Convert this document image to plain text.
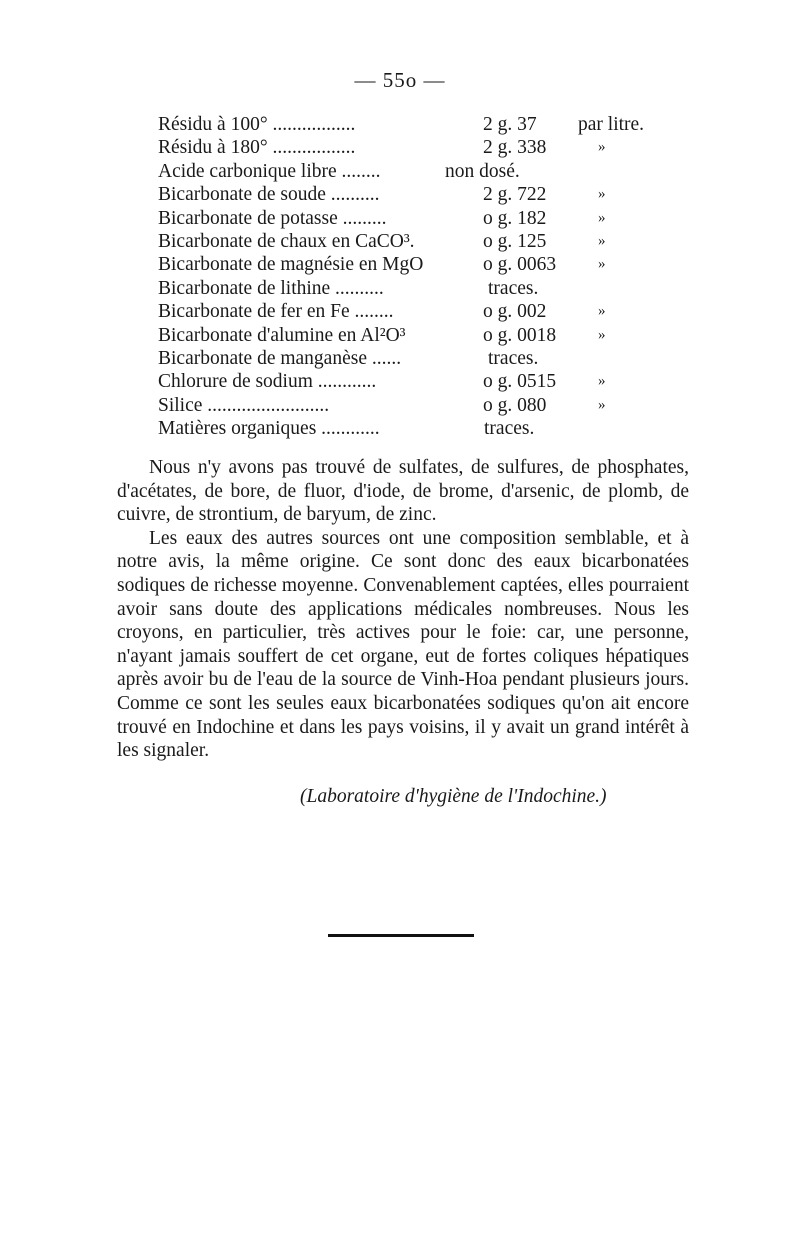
— 55o —
Résidu à 100° .................	2 g. 37 par litre.
Résidu à 180° .................	2 g. 338	»
Acide carbonique libre ........	non dosé.
Bicarbonate de soude ..........	2 g. 722	»
Bicarbonate de potasse .........	o g. 182	»
Bicarbonate de chaux en CaCO³.	o g. 125	»
Bicarbonate de magnésie en MgO	o g. 0063	»
Bicarbonate de lithine ..........	traces.
Bicarbonate de fer en Fe ........	o g. 002	»
Bicarbonate d'alumine en Al²O³	o g. 0018	»
Bicarbonate de manganèse ......	traces.
Chlorure de sodium ............	o g. 0515	»
Silice .........................	o g. 080	»
Matières organiques ............	traces.

Nous n'y avons pas trouvé de sulfates, de sulfures, de phosphates, d'acétates, de bore, de fluor, d'iode, de brome, d'arsenic, de plomb, de cuivre, de strontium, de baryum, de zinc.

Les eaux des autres sources ont une composition semblable, et à notre avis, la même origine. Ce sont donc des eaux bicarbonatées sodiques de richesse moyenne. Convenablement captées, elles pourraient avoir sans doute des applications médicales nombreuses. Nous les croyons, en particulier, très actives pour le foie: car, une personne, n'ayant jamais souffert de cet organe, eut de fortes coliques hépatiques après avoir bu de l'eau de la source de Vinh-Hoa pendant plusieurs jours. Comme ce sont les seules eaux bicarbonatées sodiques qu'on ait encore trouvé en Indochine et dans les pays voisins, il y avait un grand intérêt à les signaler.

(Laboratoire d'hygiène de l'Indochine.)
